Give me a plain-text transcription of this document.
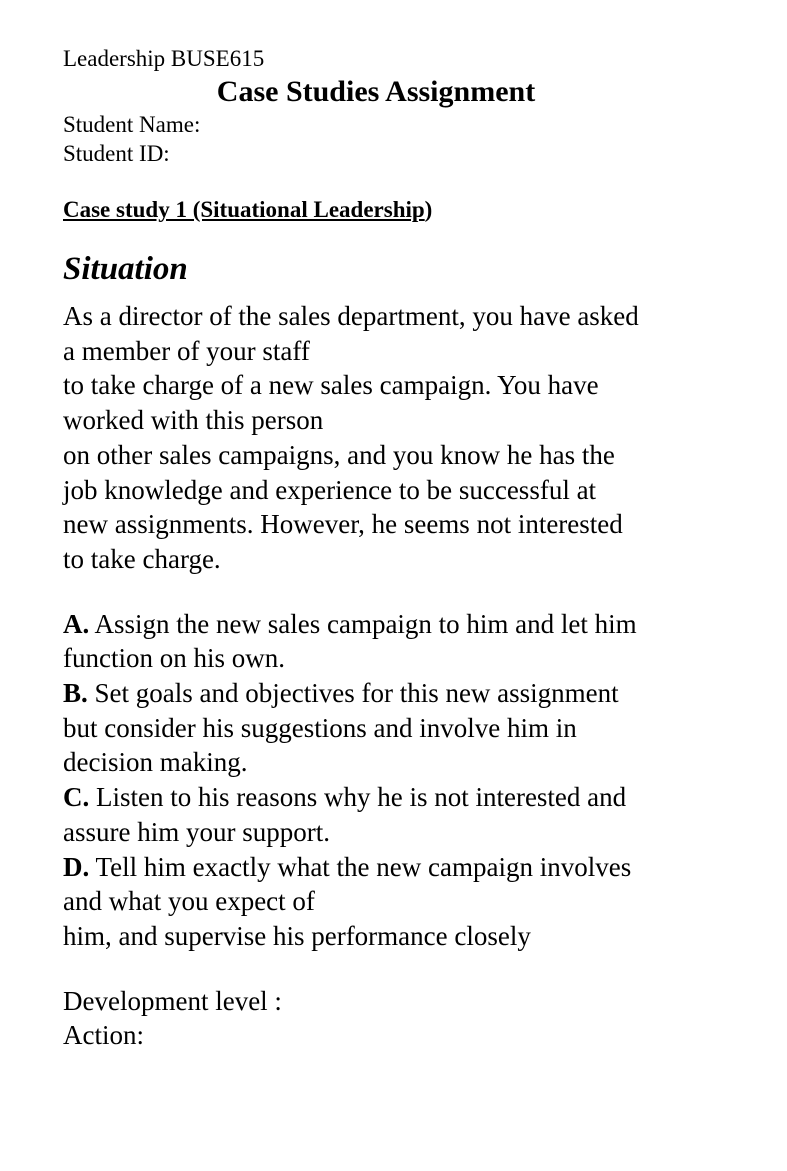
Leadership BUSE615
Case Studies Assignment
Student Name:
Student ID:
Case study 1 (Situational Leadership)
Situation
As a director of the sales department, you have asked
a member of your staff
to take charge of a new sales campaign. You have
worked with this person
on other sales campaigns, and you know he has the
job knowledge and experience to be successful at
new assignments. However, he seems not interested
to take charge.
A. Assign the new sales campaign to him and let him
function on his own.
B. Set goals and objectives for this new assignment
but consider his suggestions and involve him in
decision making.
C. Listen to his reasons why he is not interested and
assure him your support.
D. Tell him exactly what the new campaign involves
and what you expect of
him, and supervise his performance closely
Development level :
Action:
